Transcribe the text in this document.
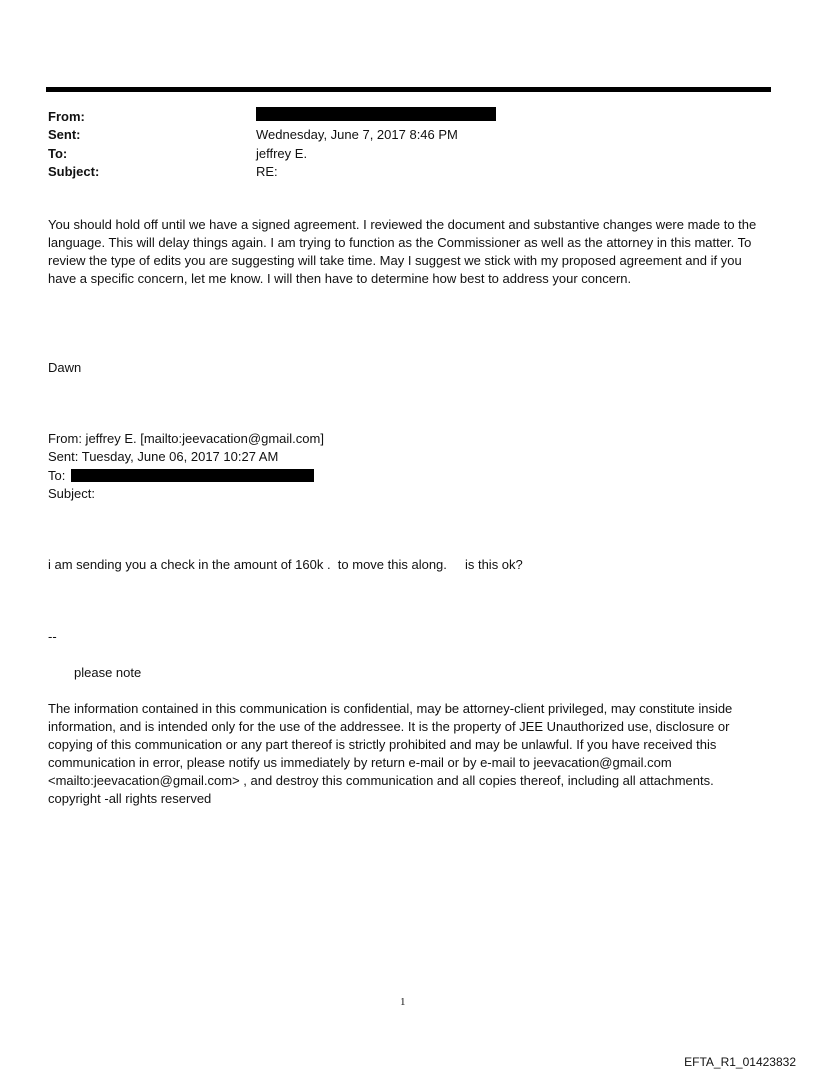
From:
Sent:	Wednesday, June 7, 2017 8:46 PM
To:	jeffrey E.
Subject:	RE:

You should hold off until we have a signed agreement. I reviewed the document and substantive changes were made to the language. This will delay things again. I am trying to function as the Commissioner as well as the attorney in this matter. To review the type of edits you are suggesting will take time. May I suggest we stick with my proposed agreement and if you have a specific concern, let me know. I will then have to determine how best to address your concern.

Dawn
From: jeffrey E. [mailto:jeevacation@gmail.com]
Sent: Tuesday, June 06, 2017 10:27 AM
To:
Subject:
i am sending you a check in the amount of 160k .  to move this along.     is this ok?
--
please note

The information contained in this communication is confidential, may be attorney-client privileged, may constitute inside information, and is intended only for the use of the addressee. It is the property of JEE Unauthorized use, disclosure or copying of this communication or any part thereof is strictly prohibited and may be unlawful. If you have received this communication in error, please notify us immediately by return e-mail or by e-mail to jeevacation@gmail.com <mailto:jeevacation@gmail.com> , and destroy this communication and all copies thereof, including all attachments. copyright -all rights reserved

1
EFTA_R1_01423832
